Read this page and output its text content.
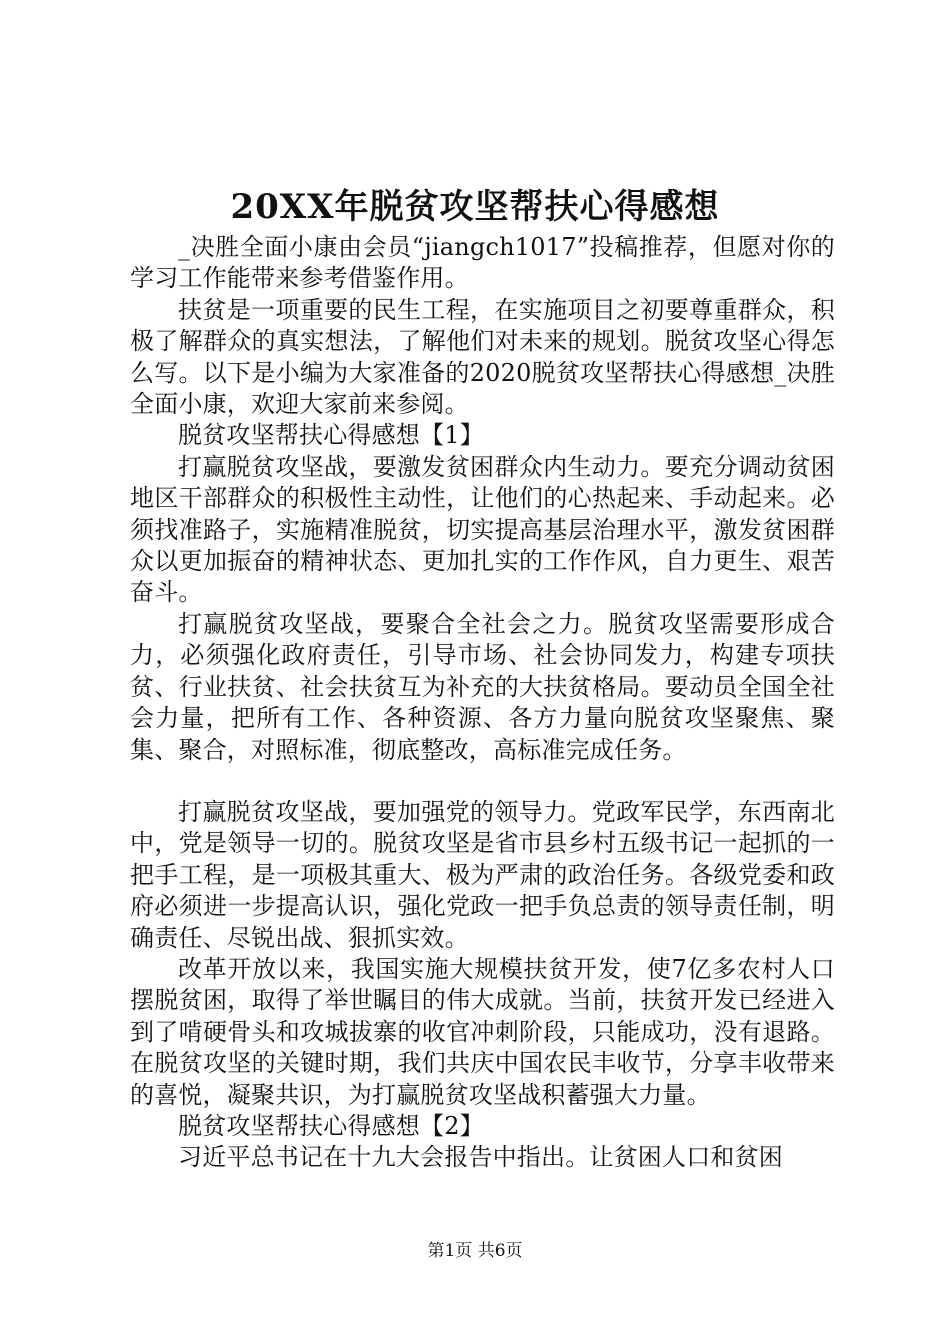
20XX年脱贫攻坚帮扶心得感想

_决胜全面小康由会员“jiangch1017”投稿推荐，但愿对你的学习工作能带来参考借鉴作用。

扶贫是一项重要的民生工程，在实施项目之初要尊重群众，积极了解群众的真实想法，了解他们对未来的规划。脱贫攻坚心得怎么写。以下是小编为大家准备的2020脱贫攻坚帮扶心得感想_决胜全面小康，欢迎大家前来参阅。

脱贫攻坚帮扶心得感想【1】

打赢脱贫攻坚战，要激发贫困群众内生动力。要充分调动贫困地区干部群众的积极性主动性，让他们的心热起来、手动起来。必须找准路子，实施精准脱贫，切实提高基层治理水平，激发贫困群众以更加振奋的精神状态、更加扎实的工作作风，自力更生、艰苦奋斗。

打赢脱贫攻坚战，要聚合全社会之力。脱贫攻坚需要形成合力，必须强化政府责任，引导市场、社会协同发力，构建专项扶贫、行业扶贫、社会扶贫互为补充的大扶贫格局。要动员全国全社会力量，把所有工作、各种资源、各方力量向脱贫攻坚聚焦、聚集、聚合，对照标准，彻底整改，高标准完成任务。

打赢脱贫攻坚战，要加强党的领导力。党政军民学，东西南北中，党是领导一切的。脱贫攻坚是省市县乡村五级书记一起抓的一把手工程，是一项极其重大、极为严肃的政治任务。各级党委和政府必须进一步提高认识，强化党政一把手负总责的领导责任制，明确责任、尽锐出战、狠抓实效。

改革开放以来，我国实施大规模扶贫开发，使7亿多农村人口摆脱贫困，取得了举世瞩目的伟大成就。当前，扶贫开发已经进入到了啃硬骨头和攻城拔寨的收官冲刺阶段，只能成功，没有退路。在脱贫攻坚的关键时期，我们共庆中国农民丰收节，分享丰收带来的喜悦，凝聚共识，为打赢脱贫攻坚战积蓄强大力量。

脱贫攻坚帮扶心得感想【2】

习近平总书记在十九大会报告中指出。让贫困人口和贫困

第1页 共6页
